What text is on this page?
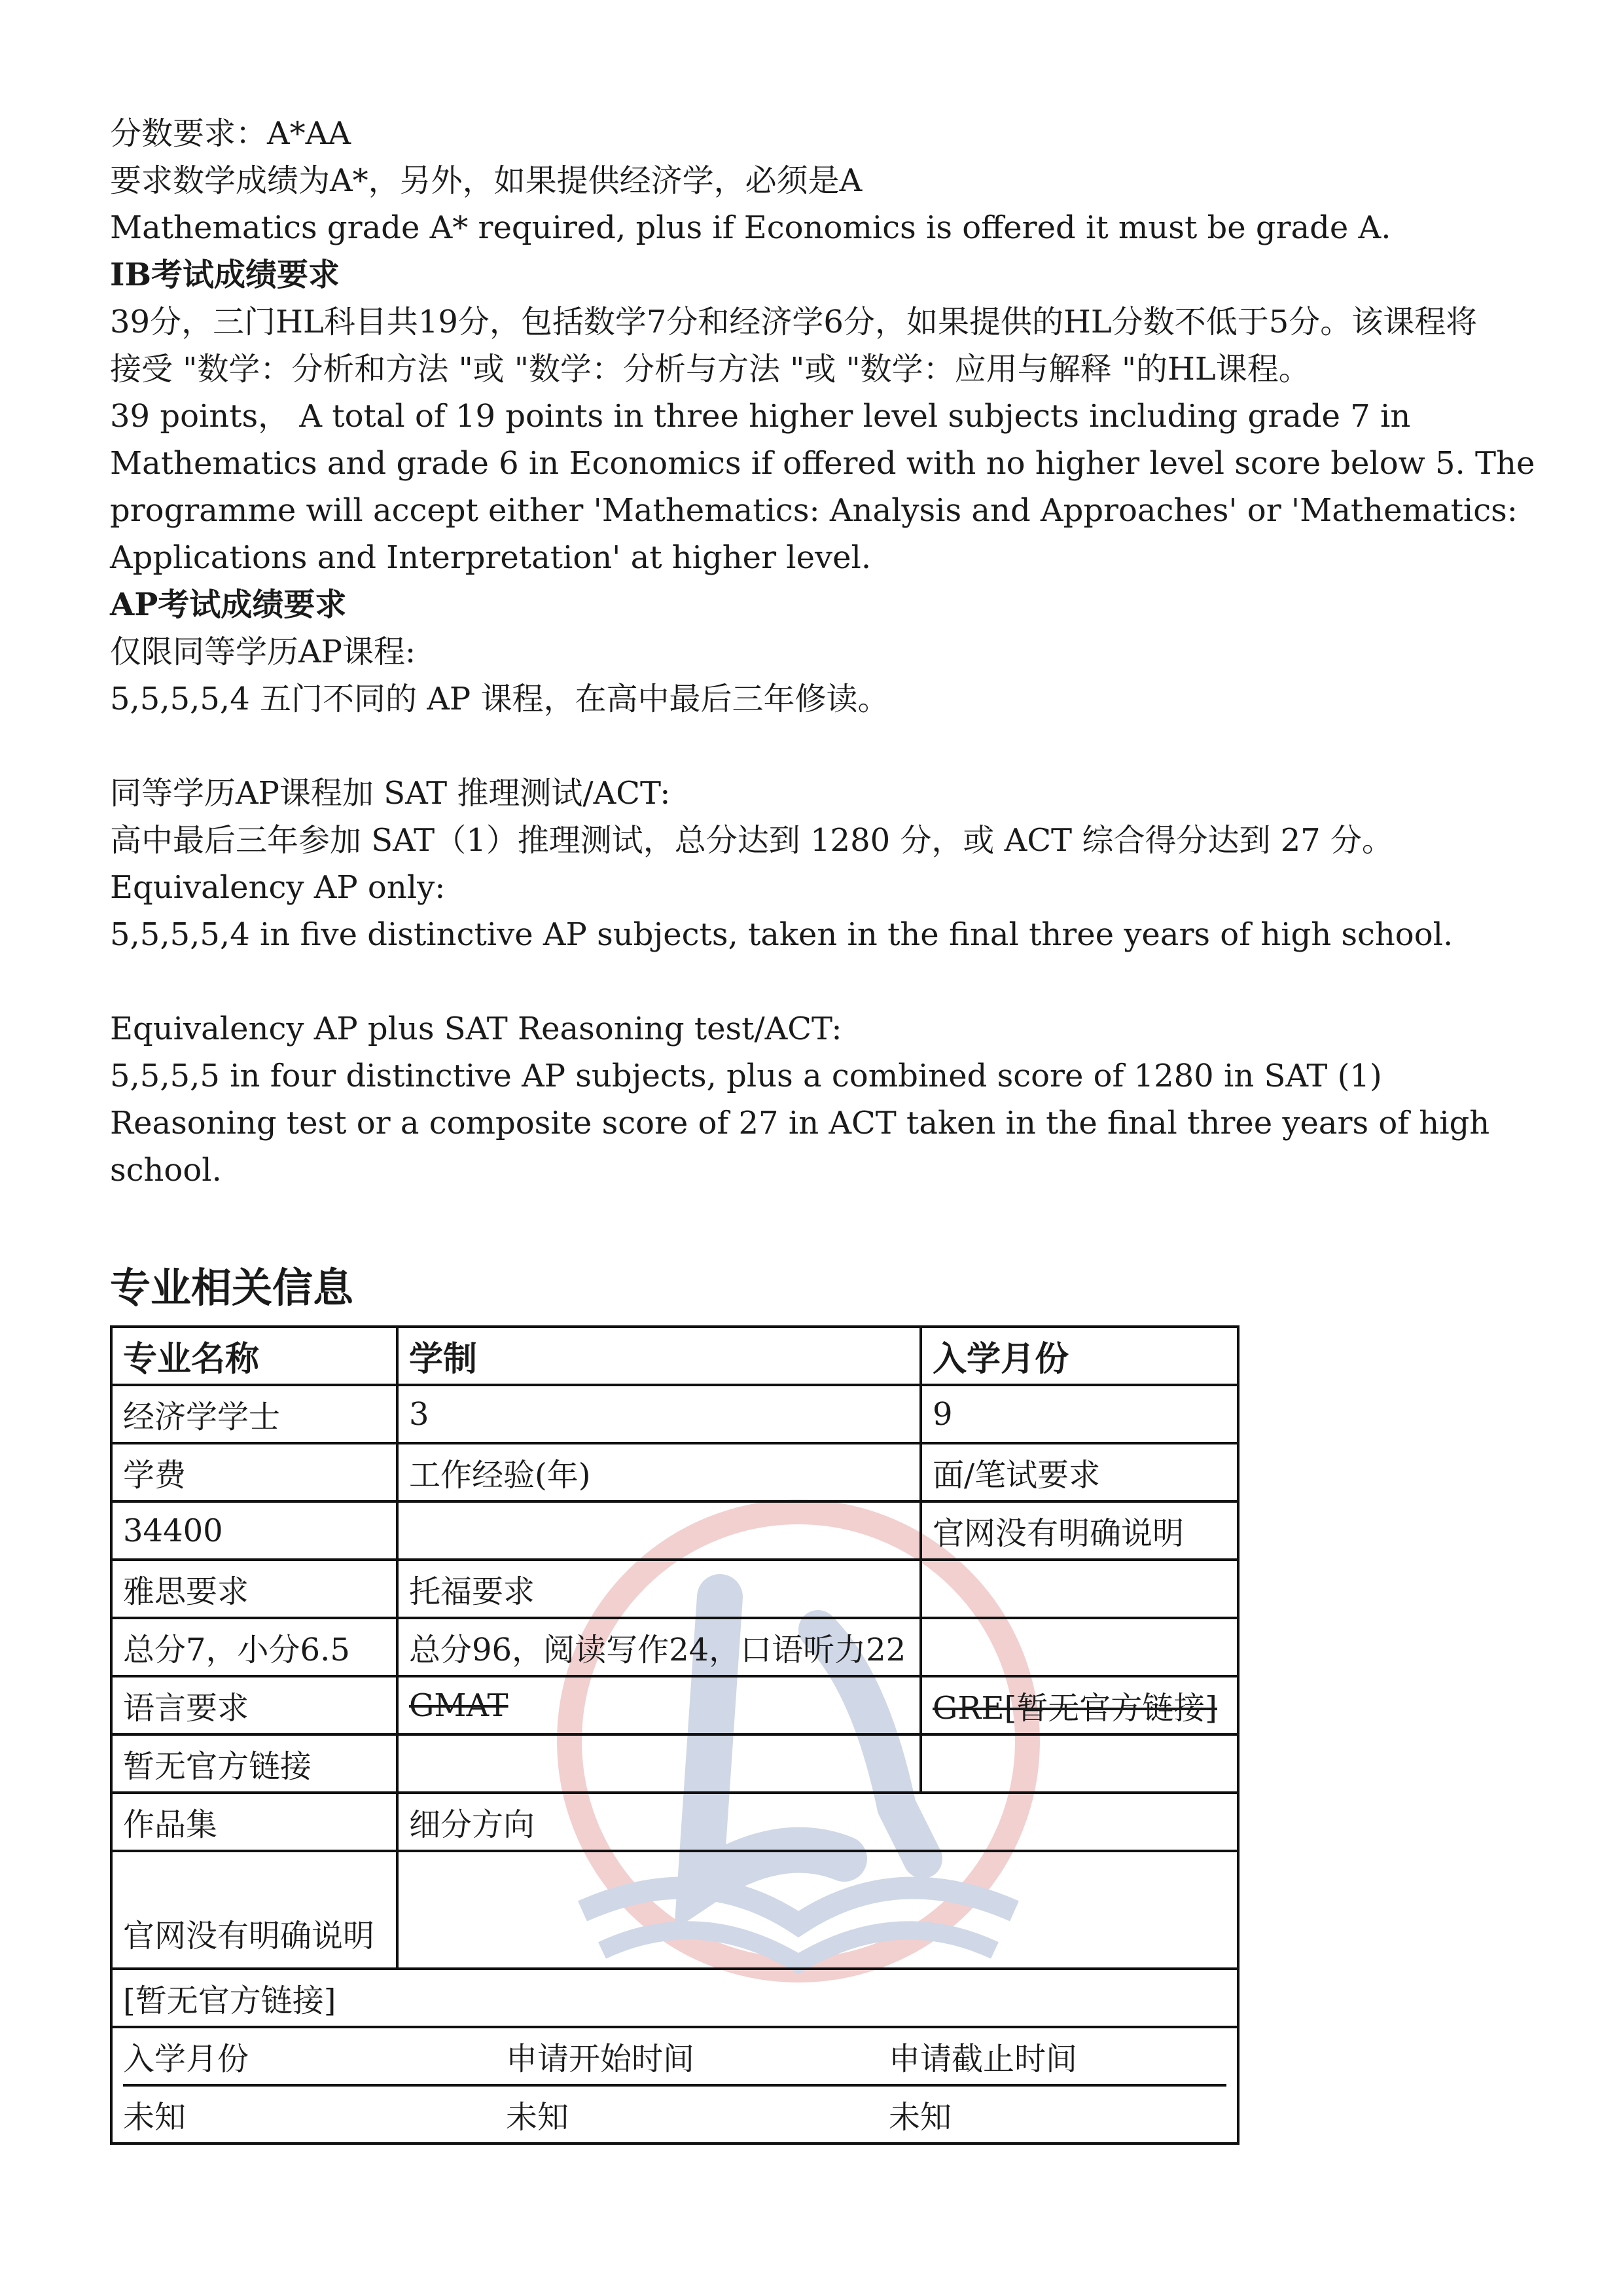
分数要求：A*AA
要求数学成绩为A*，另外，如果提供经济学，必须是A
Mathematics grade A* required, plus if Economics is offered it must be grade A.
IB考试成绩要求
39分，三门HL科目共19分，包括数学7分和经济学6分，如果提供的HL分数不低于5分。该课程将
接受 "数学：分析和方法 "或 "数学：分析与方法 "或 "数学：应用与解释 "的HL课程。
39 points， A total of 19 points in three higher level subjects including grade 7 in
Mathematics and grade 6 in Economics if offered with no higher level score below 5. The
programme will accept either 'Mathematics: Analysis and Approaches' or 'Mathematics:
Applications and Interpretation' at higher level.
AP考试成绩要求
仅限同等学历AP课程:
5,5,5,5,4 五门不同的 AP 课程，在高中最后三年修读。
同等学历AP课程加 SAT 推理测试/ACT:
高中最后三年参加 SAT（1）推理测试，总分达到 1280 分，或 ACT 综合得分达到 27 分。
Equivalency AP only:
5,5,5,5,4 in five distinctive AP subjects, taken in the final three years of high school.
Equivalency AP plus SAT Reasoning test/ACT:
5,5,5,5 in four distinctive AP subjects, plus a combined score of 1280 in SAT (1)
Reasoning test or a composite score of 27 in ACT taken in the final three years of high
school.
专业相关信息
专业名称	学制	入学月份
经济学学士	3	9
学费	工作经验(年)	面/笔试要求
34400		官网没有明确说明
雅思要求	托福要求	
总分7，小分6.5	总分96，阅读写作24，口语听力22	
语言要求	GMAT	GRE[暂无官方链接]
暂无官方链接		
作品集	细分方向	
官网没有明确说明		
[暂无官方链接]		

入学月份 申请开始时间 申请截止时间		

未知 未知 未知		
